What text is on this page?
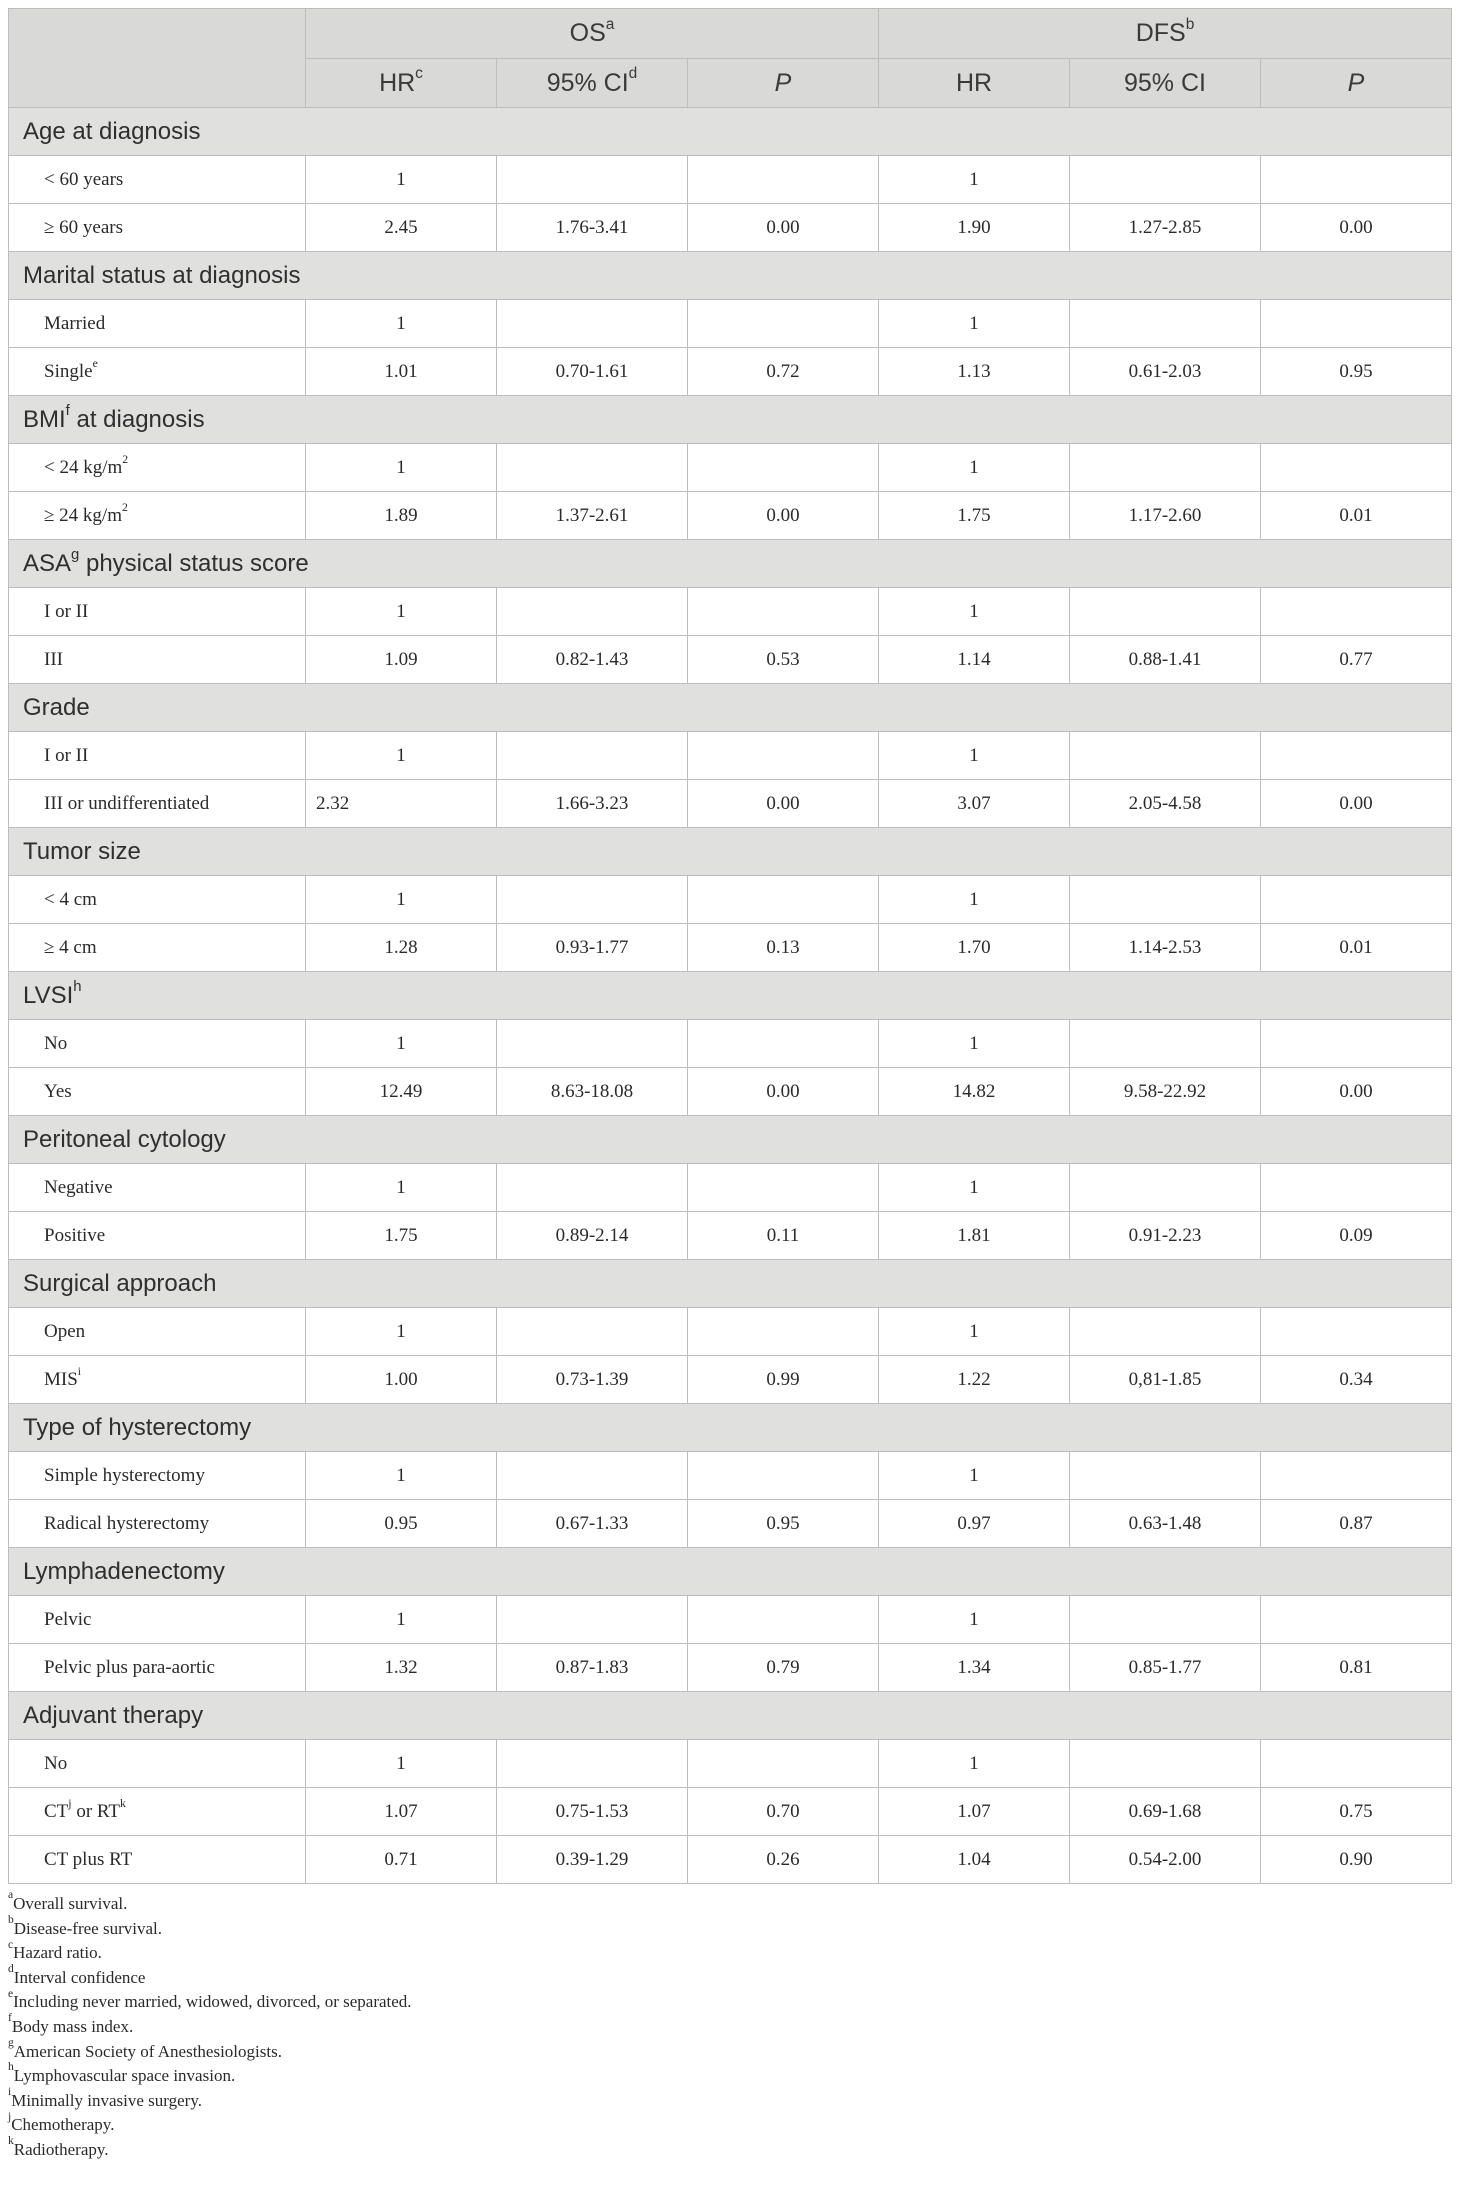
	$OS^a$			DFS$^b$
	$HR^c$	95% $CI^d$	P	HR	95% CI	P
Age at diagnosis						
< 60 years	1			1		
≥ 60 years	2.45	1.76-3.41	0.00	1.90	1.27-2.85	0.00
Marital status at diagnosis						
Married	1			1		
Single$^e$	1.01	0.70-1.61	0.72	1.13	0.61-2.03	0.95
BMI$^f$ at diagnosis						
< 24 $kg/m^2$	1			1		
≥ 24 $kg/m^2$	1.89	1.37-2.61	0.00	1.75	1.17-2.60	0.01
ASA$^g$ physical status score						
I or II	1			1		
III	1.09	0.82-1.43	0.53	1.14	0.88-1.41	0.77
Grade						
I or II	1			1		
III or undifferentiated	2.32	1.66-3.23	0.00	3.07	2.05-4.58	0.00
Tumor size						
< 4 cm	1			1		
≥ 4 cm	1.28	0.93-1.77	0.13	1.70	1.14-2.53	0.01
LVSI$^h$
No	1			1		
Yes	12.49	8.63-18.08	0.00	14.82	9.58-22.92	0.00
Peritoneal cytology						
Negative	1			1		
Positive	1.75	0.89-2.14	0.11	1.81	0.91-2.23	0.09
Surgical approach						
Open	1			1		
MIS$^i$	1.00	0.73-1.39	0.99	1.22	0,81-1.85	0.34
Type of hysterectomy						
Simple hysterectomy	1			1		
Radical hysterectomy	0.95	0.67-1.33	0.95	0.97	0.63-1.48	0.87
Lymphadenectomy						
Pelvic	1			1		
Pelvic plus para-aortic	1.32	0.87-1.83	0.79	1.34	0.85-1.77	0.81
Adjuvant therapy						
No	1			1		
$CT^j$ or $RT^k$	1.07	0.75-1.53	0.70	1.07	0.69-1.68	0.75
CT plus RT	0.71	0.39-1.29	0.26	1.04	0.54-2.00	0.90
$^a$Overall survival.
$^b$Disease-free survival.
$^c$Hazard ratio.
$^d$Interval confidence
$^e$Including never married, widowed, divorced, or separated.
$^f$Body mass index.
$^g$American Society of Anesthesiologists.
$^h$Lymphovascular space invasion.
$^i$Minimally invasive surgery.
$^j$Chemotherapy.
$^k$Radiotherapy.
